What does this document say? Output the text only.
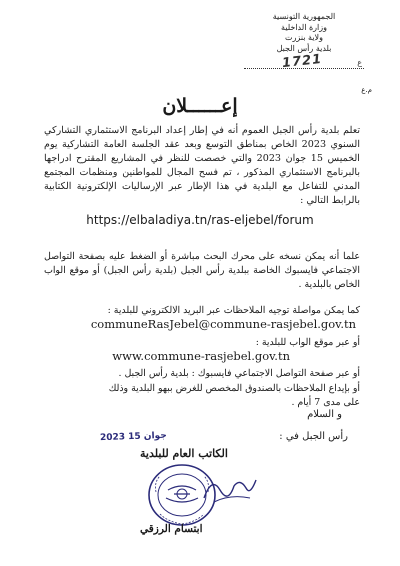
الجمهورية التونسية
وزارة الداخلية
ولاية بنزرت
بلدية رأس الجبل
1721	ع
م.ع
إعــــــلان
تعلم بلدية رأس الجبل العموم أنه في إطار إعداد البرنامج الاستثماري التشاركي السنوي 2023 الخاص بمناطق التوسع وبعد عقد الجلسة العامة التشاركية يوم الخميس 15 جوان 2023 والتي خصصت للنظر في المشاريع المقترح ادراجها بالبرنامج الاستثماري المذكور ، تم فسح المجال للمواطنين ومنظمات المجتمع المدني للتفاعل مع البلدية في هذا الإطار عبر الإرساليات الإلكترونية الكتابية بالرابط التالي :
https://elbaladiya.tn/ras-eljebel/forum
علما أنه يمكن نسخه على محرك البحث مباشرة أو الضغط عليه بصفحة التواصل الاجتماعي فايسبوك الخاصة ببلدية رأس الجبل (بلدية رأس الجبل) أو موقع الواب الخاص بالبلدية .
كما يمكن مواصلة توجيه الملاحظات عبر البريد الالكتروني للبلدية :
communeRasJebel@commune-rasjebel.gov.tn
أو عبر موقع الواب للبلدية :
www.commune-rasjebel.gov.tn
أو عبر صفحة التواصل الاجتماعي فايسبوك : بلدية رأس الجبل .
أو بإيداع الملاحظات بالصندوق المخصص للغرض ببهو البلدية وذلك
على مدى 7 أيام .
و السلام
رأس الجبل في :
2023 جوان 15
الكاتب العام للبلدية
ابتسام الرزقي
